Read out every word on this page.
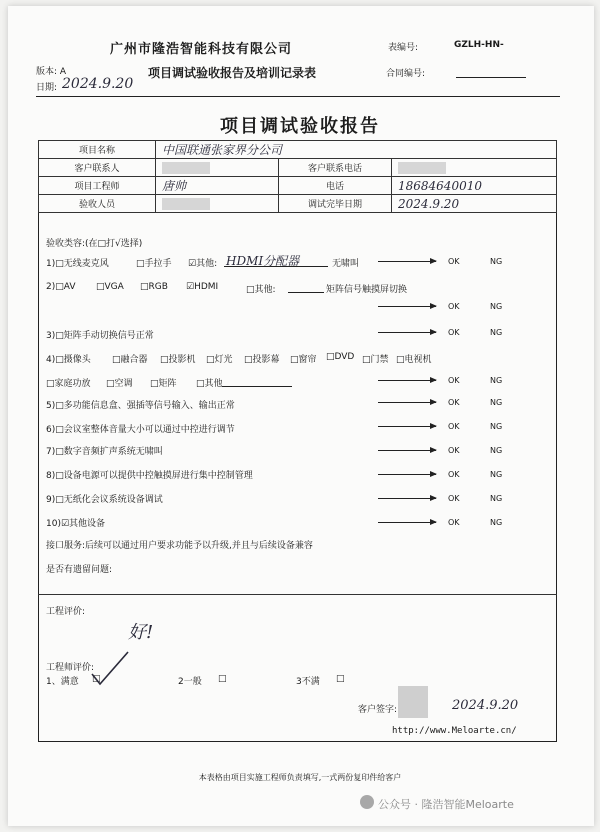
广州市隆浩智能科技有限公司	表编号:	GZLH-HN-
版本: A	项目调试验收报告及培训记录表	合同编号:
日期: 2024.9.20
项目调试验收报告
项目名称	中国联通张家界分公司		
客户联系人		客户联系电话	
项目工程师	唐帅	电话	18684640010
验收人员		调试完毕日期	2024.9.20
验收类容:(在□打√选择)
1)□无线麦克风	□手拉手 ☑其他: HDMI分配器	无啸叫	OK	NG
2)□AV □VGA □RGB ☑HDMI	□其他:	矩阵信号触摸屏切换
OK	NG
3)□矩阵手动切换信号正常	OK	NG
4)□摄像头 □融合器 □投影机 □灯光 □投影幕 □窗帘 □DVD □门禁 □电视机
□家庭功放 □空调 □矩阵 □其他	OK	NG
5)□多功能信息盒、强插等信号输入、输出正常	OK	NG
6)□会议室整体音量大小可以通过中控进行调节	OK	NG
7)□数字音频扩声系统无啸叫	OK	NG
8)□设备电源可以提供中控触摸屏进行集中控制管理	OK	NG
9)□无纸化会议系统设备调试	OK	NG
10)☑其他设备	OK	NG
接口服务:后续可以通过用户要求功能予以升级,并且与后续设备兼容
是否有遗留问题:
工程评价:
好!
工程师评价:
1、满意 □	2一般 □	3不满 □
客户签字:	2024.9.20
http://www.Meloarte.cn/
本表格由项目实施工程师负责填写,一式两份复印件给客户
公众号 · 隆浩智能Meloarte
